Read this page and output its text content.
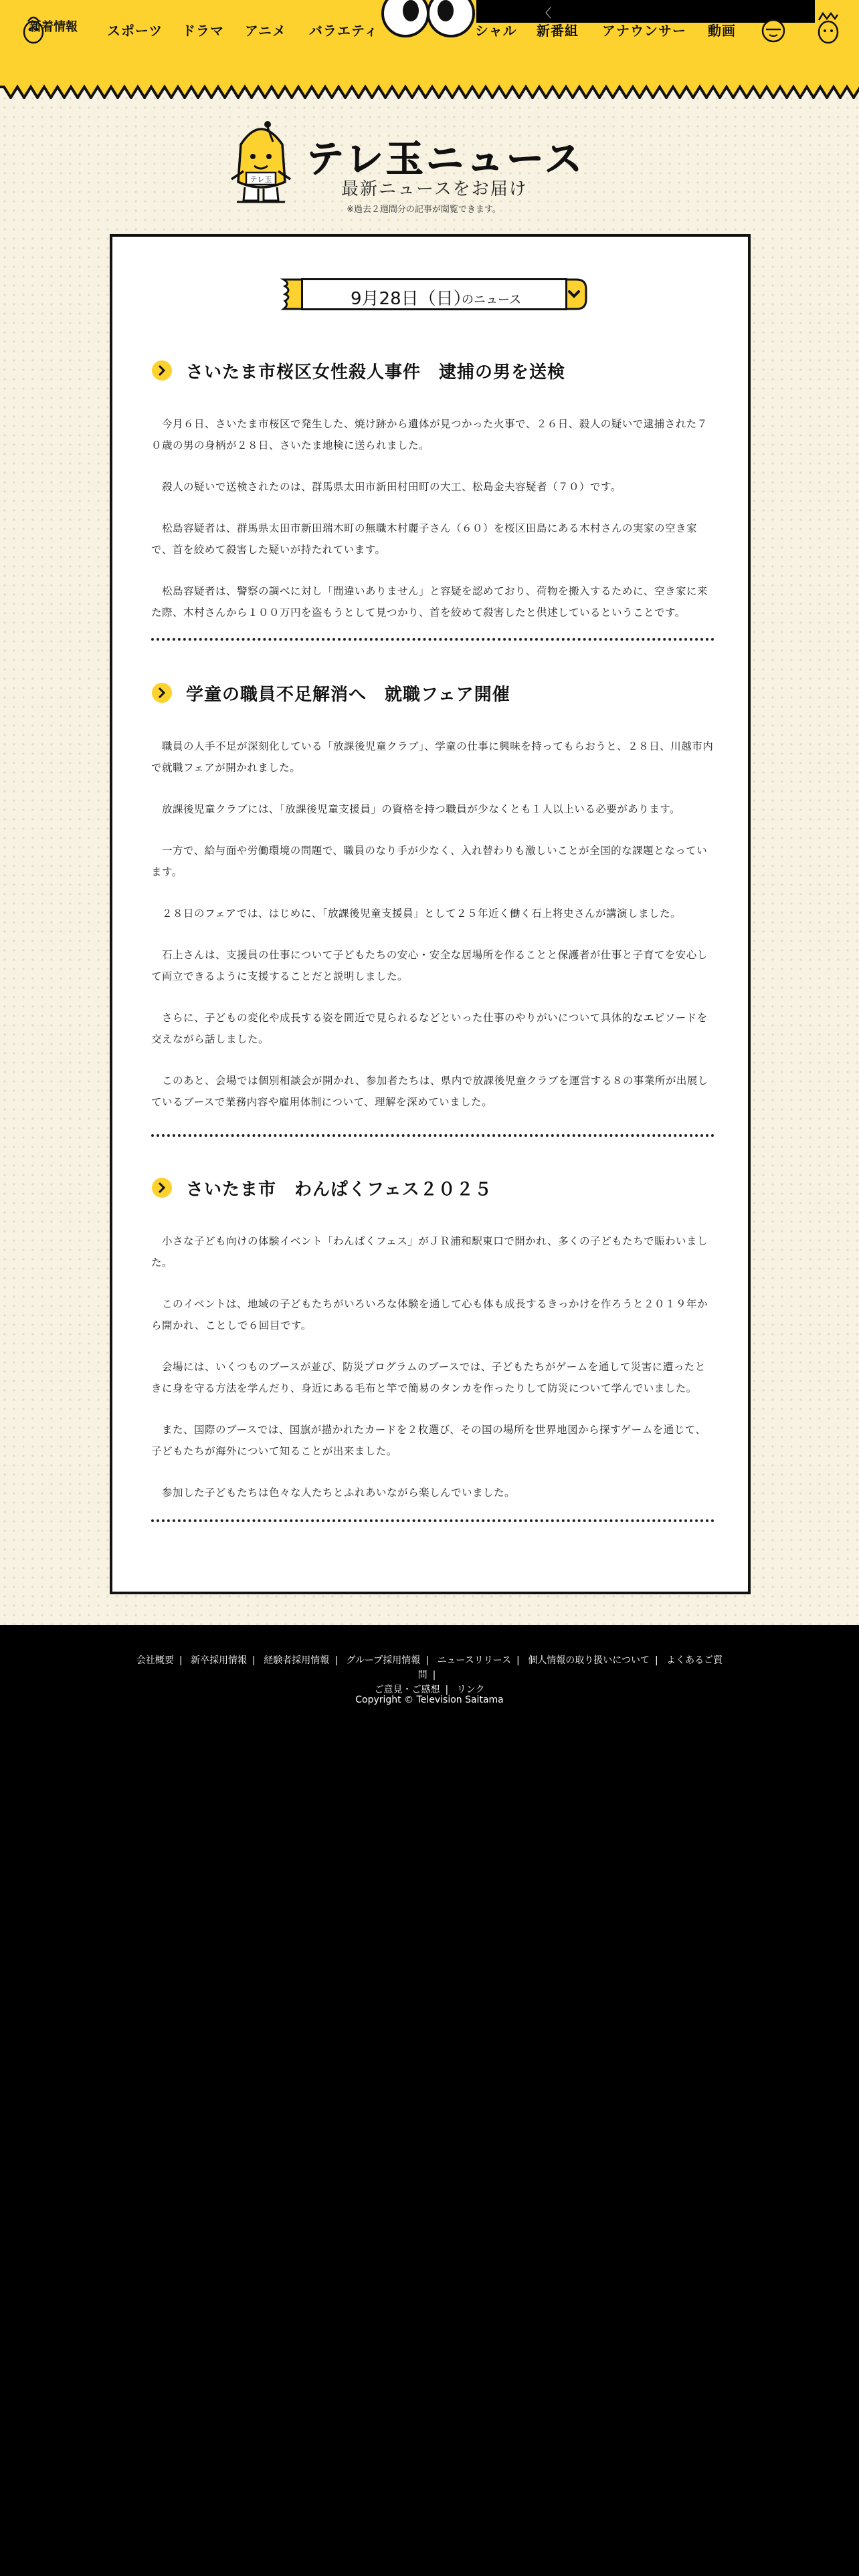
新着情報 スポーツ ドラマ アニメ バラエティ	シャル 新番組 アナウンサー 動画
〈
テレ玉 テレ玉ニュース
最新ニュースをお届け
※過去２週間分の記事が閲覧できます。
9月28日（日）
のニュース
さいたま市桜区女性殺人事件　逮捕の男を送検

　今月６日、さいたま市桜区で発生した、焼け跡から遺体が見つかった火事で、２６日、殺人の疑いで逮捕された７０歳の男の身柄が２８日、さいたま地検に送られました。

　殺人の疑いで送検されたのは、群馬県太田市新田村田町の大工、松島金夫容疑者（７０）です。

　松島容疑者は、群馬県太田市新田瑞木町の無職木村麗子さん（６０）を桜区田島にある木村さんの実家の空き家で、首を絞めて殺害した疑いが持たれています。

　松島容疑者は、警察の調べに対し「間違いありません」と容疑を認めており、荷物を搬入するために、空き家に来た際、木村さんから１００万円を盗もうとして見つかり、首を絞めて殺害したと供述しているということです。

学童の職員不足解消へ　就職フェア開催

　職員の人手不足が深刻化している「放課後児童クラブ」、学童の仕事に興味を持ってもらおうと、２８日、川越市内で就職フェアが開かれました。

　放課後児童クラブには、「放課後児童支援員」の資格を持つ職員が少なくとも１人以上いる必要があります。

　一方で、給与面や労働環境の問題で、職員のなり手が少なく、入れ替わりも激しいことが全国的な課題となっています。

　２８日のフェアでは、はじめに、「放課後児童支援員」として２５年近く働く石上将史さんが講演しました。

　石上さんは、支援員の仕事について子どもたちの安心・安全な居場所を作ることと保護者が仕事と子育てを安心して両立できるように支援することだと説明しました。

　さらに、子どもの変化や成長する姿を間近で見られるなどといった仕事のやりがいについて具体的なエピソードを交えながら話しました。

　このあと、会場では個別相談会が開かれ、参加者たちは、県内で放課後児童クラブを運営する８の事業所が出展しているブースで業務内容や雇用体制について、理解を深めていました。

さいたま市　わんぱくフェス２０２５

　小さな子ども向けの体験イベント「わんぱくフェス」がＪＲ浦和駅東口で開かれ、多くの子どもたちで賑わいました。

　このイベントは、地域の子どもたちがいろいろな体験を通して心も体も成長するきっかけを作ろうと２０１９年から開かれ、ことしで６回目です。

　会場には、いくつものブースが並び、防災プログラムのブースでは、子どもたちがゲームを通して災害に遭ったときに身を守る方法を学んだり、身近にある毛布と竿で簡易のタンカを作ったりして防災について学んでいました。

　また、国際のブースでは、国旗が描かれたカードを２枚選び、その国の場所を世界地図から探すゲームを通じて、子どもたちが海外について知ることが出来ました。

　参加した子どもたちは色々な人たちとふれあいながら楽しんでいました。

会社概要 | 新卒採用情報 | 経験者採用情報 | グループ採用情報 | ニュースリリース | 個人情報の取り扱いについて | よくあるご質問 |
ご意見・ご感想 | リンク
Copyright © Television Saitama
